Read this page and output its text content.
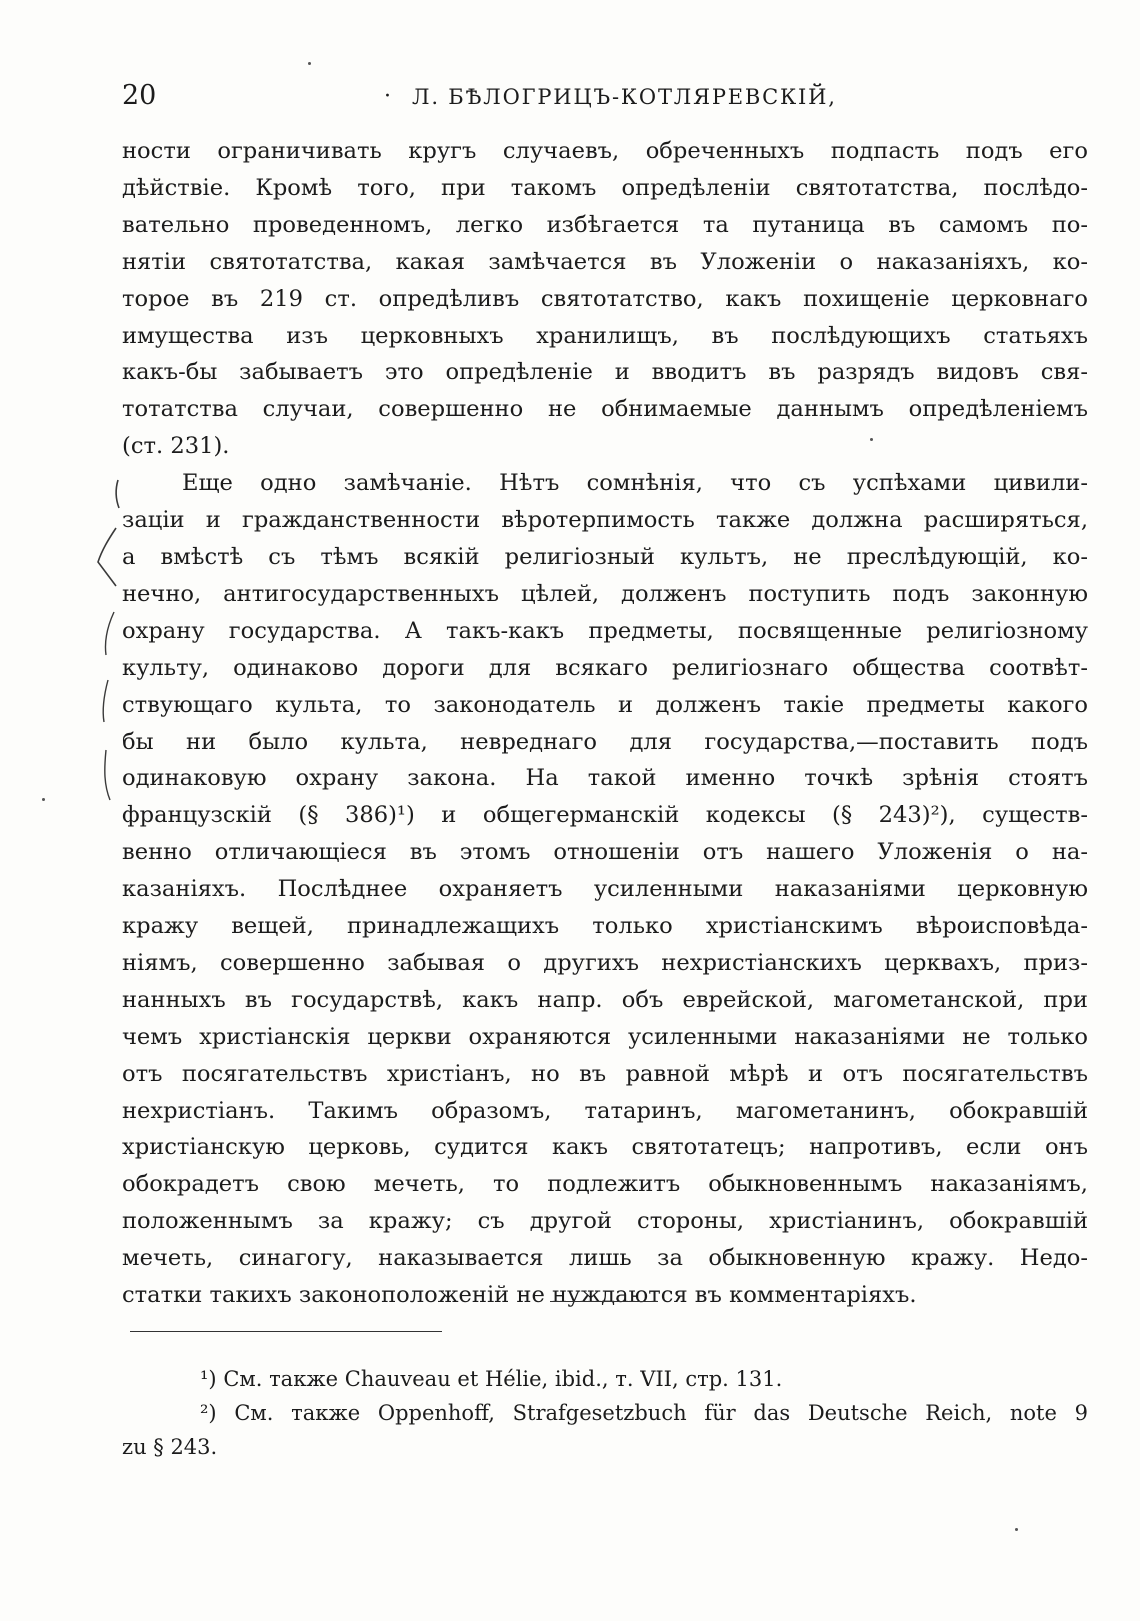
20	· Л. БѢЛОГРИЦЪ-КОТЛЯРЕВСКІЙ,

ности ограничивать кругъ случаевъ, обреченныхъ подпасть подъ его
дѣйствіе. Кромѣ того, при такомъ опредѣленіи святотатства, послѣдо-
вательно проведенномъ, легко избѣгается та путаница въ самомъ по-
нятіи святотатства, какая замѣчается въ Уложеніи о наказаніяхъ, ко-
торое въ 219 ст. опредѣливъ святотатство, какъ похищеніе церковнаго
имущества изъ церковныхъ хранилищъ, въ послѣдующихъ статьяхъ
какъ-бы забываетъ это опредѣленіе и вводитъ въ разрядъ видовъ свя-
тотатства случаи, совершенно не обнимаемые даннымъ опредѣленіемъ
(ст. 231).

Еще одно замѣчаніе. Нѣтъ сомнѣнія, что съ успѣхами цивили-
заціи и гражданственности вѣротерпимость также должна расширяться,
а вмѣстѣ съ тѣмъ всякій религіозный культъ, не преслѣдующій, ко-
нечно, антигосударственныхъ цѣлей, долженъ поступить подъ законную
охрану государства. А такъ-какъ предметы, посвященные религіозному
культу, одинаково дороги для всякаго религіознаго общества соотвѣт-
ствующаго культа, то законодатель и долженъ такіе предметы какого
бы ни было культа, невреднаго для государства,—поставить подъ
одинаковую охрану закона. На такой именно точкѣ зрѣнія стоятъ
французскій (§ 386)¹) и общегерманскій кодексы (§ 243)²), существ-
венно отличающіеся въ этомъ отношеніи отъ нашего Уложенія о на-
казаніяхъ. Послѣднее охраняетъ усиленными наказаніями церковную
кражу вещей, принадлежащихъ только христіанскимъ вѣроисповѣда-
ніямъ, совершенно забывая о другихъ нехристіанскихъ церквахъ, приз-
нанныхъ въ государствѣ, какъ напр. объ еврейской, магометанской, при
чемъ христіанскія церкви охраняются усиленными наказаніями не только
отъ посягательствъ христіанъ, но въ равной мѣрѣ и отъ посягательствъ
нехристіанъ. Такимъ образомъ, татаринъ, магометанинъ, обокравшій
христіанскую церковь, судится какъ святотатецъ; напротивъ, если онъ
обокрадетъ свою мечеть, то подлежитъ обыкновеннымъ наказаніямъ,
положеннымъ за кражу; съ другой стороны, христіанинъ, обокравшій
мечеть, синагогу, наказывается лишь за обыкновенную кражу. Недо-
статки такихъ законоположеній не нуждаются въ комментаріяхъ.

¹) См. также Chauveau et Hélie, ibid., т. VII, стр. 131.

²) См. также Oppenhoff, Strafgesetzbuch für das Deutsche Reich, note 9
zu § 243.
